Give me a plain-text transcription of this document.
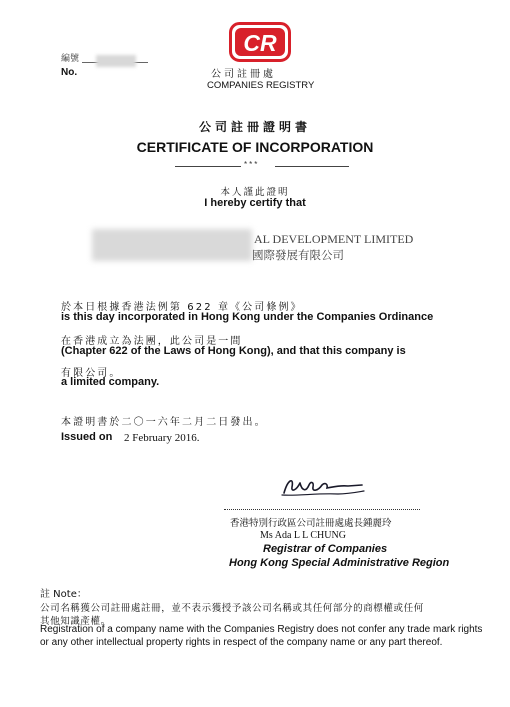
編號
No.
CR
公司註冊處
COMPANIES REGISTRY
公司註冊證明書
CERTIFICATE OF INCORPORATION
***
本人謹此證明
I hereby certify that
AL DEVELOPMENT LIMITED
國際發展有限公司
於本日根據香港法例第 622 章《公司條例》
is this day incorporated in Hong Kong under the Companies Ordinance
在香港成立為法團，此公司是一間
(Chapter 622 of the Laws of Hong Kong), and that this company is
有限公司。
a limited company.
本證明書於二〇一六年二月二日發出。
Issued on 2 February 2016.
香港特別行政區公司註冊處處長鍾麗玲
Ms Ada L L CHUNG
Registrar of Companies
Hong Kong Special Administrative Region
註 Note：
公司名稱獲公司註冊處註冊，並不表示獲授予該公司名稱或其任何部分的商標權或任何
其他知識產權。
Registration of a company name with the Companies Registry does not confer any trade mark rights
or any other intellectual property rights in respect of the company name or any part thereof.
